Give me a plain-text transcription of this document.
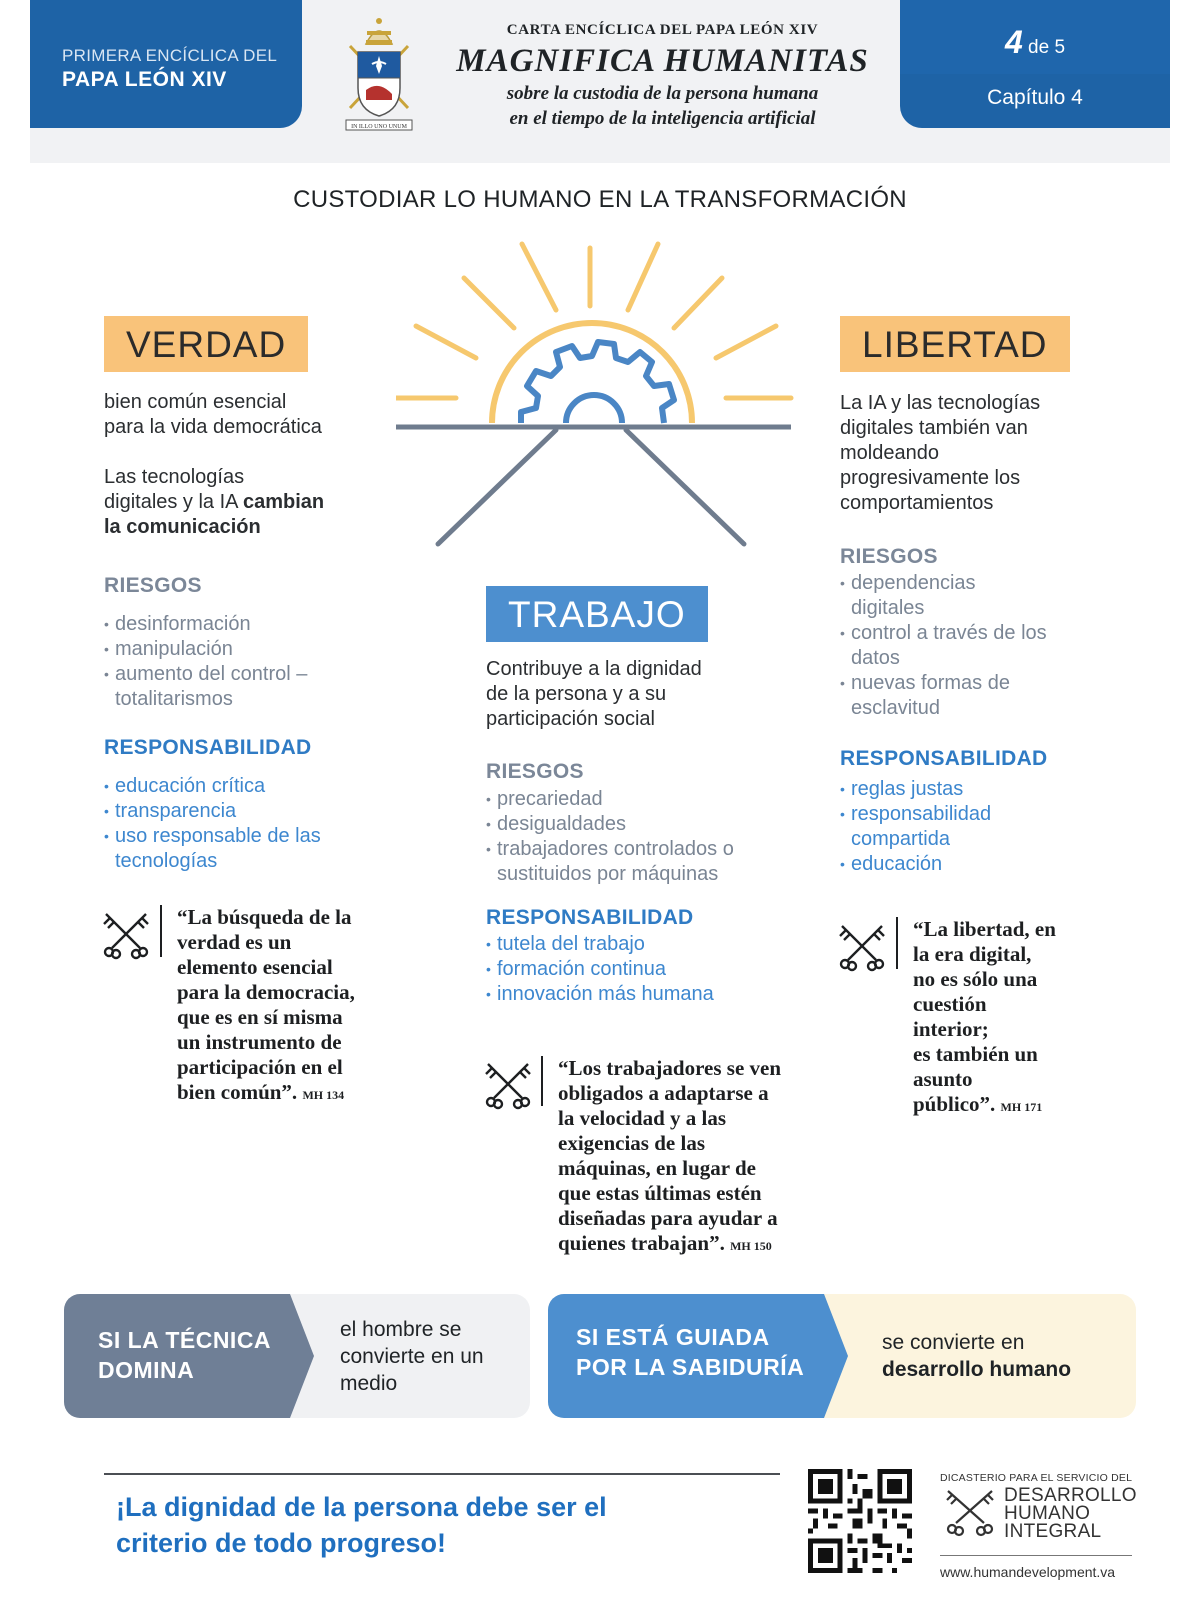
PRIMERA ENCÍCLICA DEL
PAPA LEÓN XIV
IN ILLO UNO UNUM
CARTA ENCÍCLICA DEL PAPA LEÓN XIV
MAGNIFICA HUMANITAS
sobre la custodia de la persona humana
en el tiempo de la inteligencia artificial
4 de 5
Capítulo 4
CUSTODIAR LO HUMANO EN LA TRANSFORMACIÓN
VERDAD
bien común esencial
para la vida democrática
Las tecnologías
digitales y la IA cambian
la comunicación
RIESGOS
• desinformación
• manipulación
• aumento del control –
totalitarismos
RESPONSABILIDAD
• educación crítica
• transparencia
• uso responsable de las
tecnologías
“La búsqueda de la
verdad es un
elemento esencial
para la democracia,
que es en sí misma
un instrumento de
participación en el
bien común”. MH 134
TRABAJO
Contribuye a la dignidad
de la persona y a su
participación social
RIESGOS
• precariedad
• desigualdades
• trabajadores controlados o
sustituidos por máquinas
RESPONSABILIDAD
• tutela del trabajo
• formación continua
• innovación más humana
“Los trabajadores se ven
obligados a adaptarse a
la velocidad y a las
exigencias de las
máquinas, en lugar de
que estas últimas estén
diseñadas para ayudar a
quienes trabajan”. MH 150
LIBERTAD
La IA y las tecnologías
digitales también van
moldeando
progresivamente los
comportamientos
RIESGOS
• dependencias
digitales
• control a través de los
datos
• nuevas formas de
esclavitud
RESPONSABILIDAD
• reglas justas
• responsabilidad
compartida
• educación
“La libertad, en
la era digital,
no es sólo una
cuestión
interior;
es también un
asunto
público”. MH 171
SI LA TÉCNICA
DOMINA
el hombre se
convierte en un
medio
SI ESTÁ GUIADA
POR LA SABIDURÍA
se convierte en
desarrollo humano
¡La dignidad de la persona debe ser el
criterio de todo progreso!
DICASTERIO PARA EL SERVICIO DEL
DESARROLLO
HUMANO
INTEGRAL
www.humandevelopment.va
